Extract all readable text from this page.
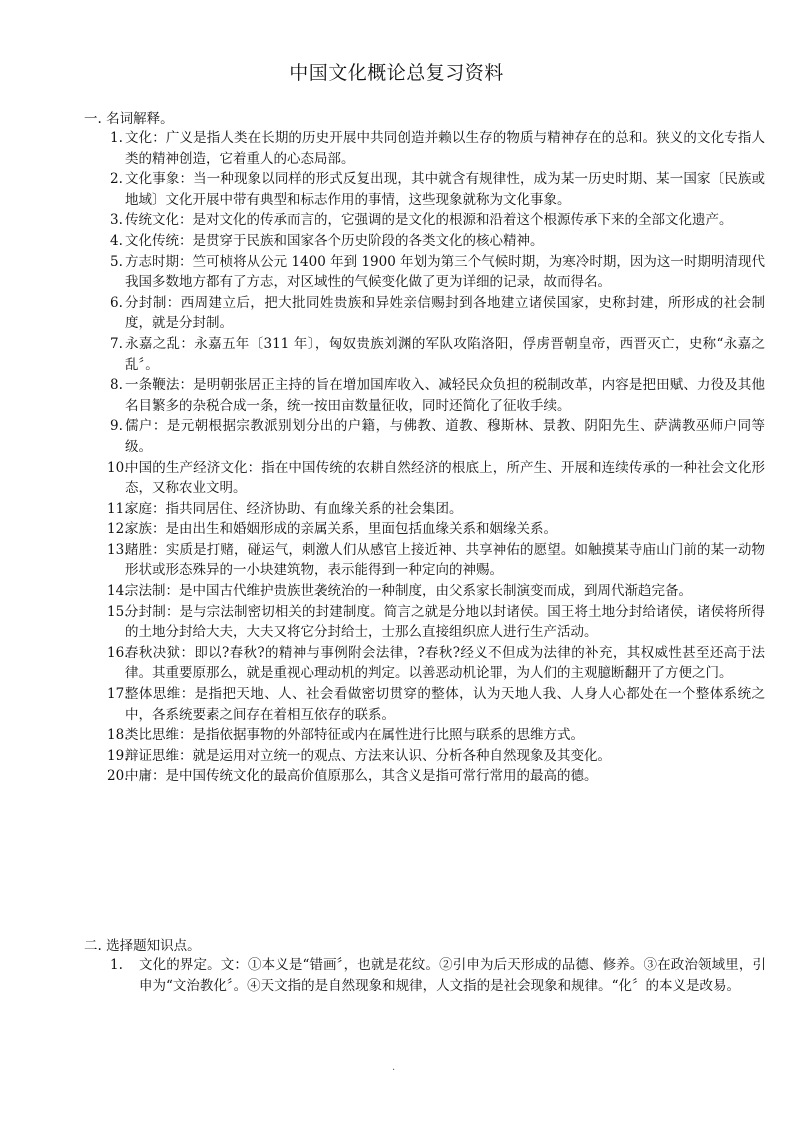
中国文化概论总复习资料
一. 名词解释。
1. 文化：广义是指人类在长期的历史开展中共同创造并赖以生存的物质与精神存在的总和。狭义的文化专指人类的精神创造，它着重人的心态局部。
2. 文化事象：当一种现象以同样的形式反复出现，其中就含有规律性，成为某一历史时期、某一国家〔民族或地域〕文化开展中带有典型和标志作用的事情，这些现象就称为文化事象。
3. 传统文化：是对文化的传承而言的，它强调的是文化的根源和沿着这个根源传承下来的全部文化遗产。
4. 文化传统：是贯穿于民族和国家各个历史阶段的各类文化的核心精神。
5. 方志时期：竺可桢将从公元 1400 年到 1900 年划为第三个气候时期，为寒冷时期，因为这一时期明清现代我国多数地方都有了方志，对区域性的气候变化做了更为详细的记录，故而得名。
6. 分封制：西周建立后，把大批同姓贵族和异姓亲信赐封到各地建立诸侯国家，史称封建，所形成的社会制度，就是分封制。
7. 永嘉之乱：永嘉五年〔311 年〕，匈奴贵族刘渊的军队攻陷洛阳，俘虏晋朝皇帝，西晋灭亡，史称“永嘉之乱〞。
8. 一条鞭法：是明朝张居正主持的旨在增加国库收入、减轻民众负担的税制改革，内容是把田赋、力役及其他名目繁多的杂税合成一条，统一按田亩数量征收，同时还简化了征收手续。
9. 儒户：是元朝根据宗教派别划分出的户籍，与佛教、道教、穆斯林、景教、阴阳先生、萨满教巫师户同等级。
10.
中国的生产经济文化：指在中国传统的农耕自然经济的根底上，所产生、开展和连续传承的一种社会文化形态，又称农业文明。
11.
家庭：指共同居住、经济协助、有血缘关系的社会集团。
12.
家族：是由出生和婚姻形成的亲属关系，里面包括血缘关系和姻缘关系。
13.
赌胜：实质是打赌，碰运气，刺激人们从感官上接近神、共享神佑的愿望。如触摸某寺庙山门前的某一动物形状或形态殊异的一小块建筑物，表示能得到一种定向的神赐。
14.
宗法制：是中国古代维护贵族世袭统治的一种制度，由父系家长制演变而成，到周代渐趋完备。
15.
分封制：是与宗法制密切相关的封建制度。简言之就是分地以封诸侯。国王将土地分封给诸侯，诸侯将所得的土地分封给大夫，大夫又将它分封给士，士那么直接组织庶人进行生产活动。
16.
春秋决狱：即以?春秋?的精神与事例附会法律，?春秋?经义不但成为法律的补充，其权威性甚至还高于法律。其重要原那么，就是重视心理动机的判定。以善恶动机论罪，为人们的主观臆断翻开了方便之门。
17.
整体思维：是指把天地、人、社会看做密切贯穿的整体，认为天地人我、人身人心都处在一个整体系统之中，各系统要素之间存在着相互依存的联系。
18.
类比思维：是指依据事物的外部特征或内在属性进行比照与联系的思维方式。
19.
辩证思维：就是运用对立统一的观点、方法来认识、分析各种自然现象及其变化。
20.
中庸：是中国传统文化的最高价值原那么，其含义是指可常行常用的最高的德。
二. 选择题知识点。
1. 文化的界定。文：①本义是“错画〞，也就是花纹。②引申为后天形成的品德、修养。③在政治领域里，引申为“文治教化〞。④天文指的是自然现象和规律，人文指的是社会现象和规律。“化〞的本义是改易。
.
